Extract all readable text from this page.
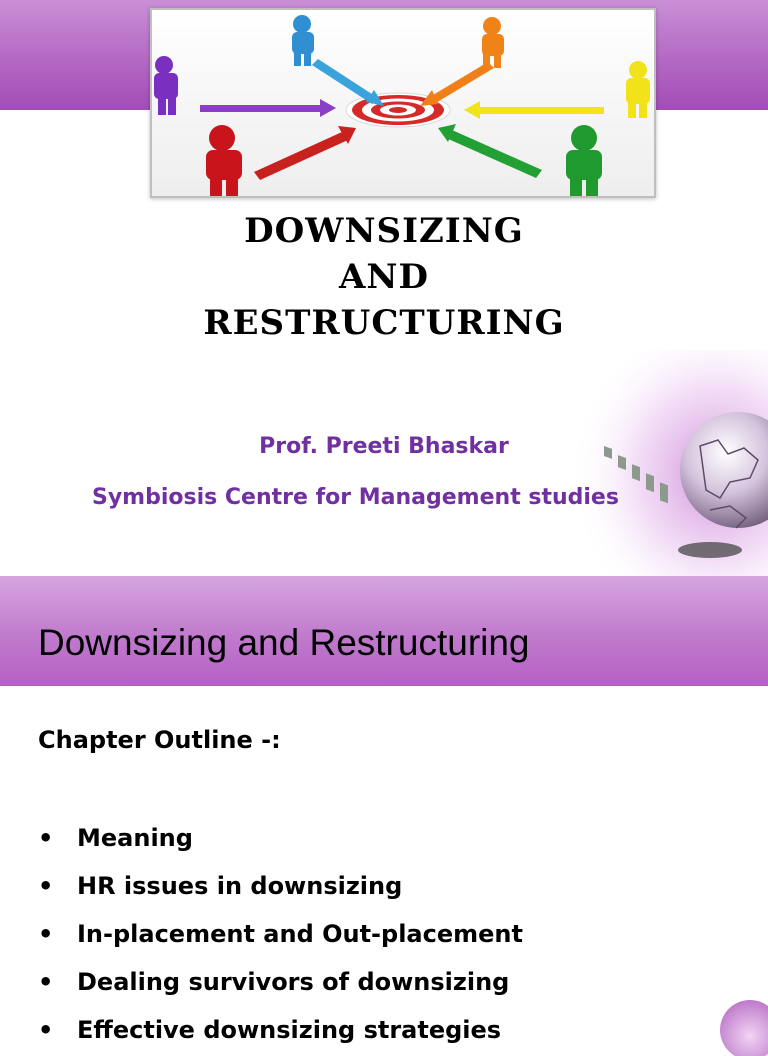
DOWNSIZING
AND
RESTRUCTURING
Prof. Preeti Bhaskar
Symbiosis Centre for Management studies
Downsizing and Restructuring
Chapter Outline -:
• Meaning
• HR issues in downsizing
• In-placement and Out-placement
• Dealing survivors of downsizing
• Effective downsizing strategies
